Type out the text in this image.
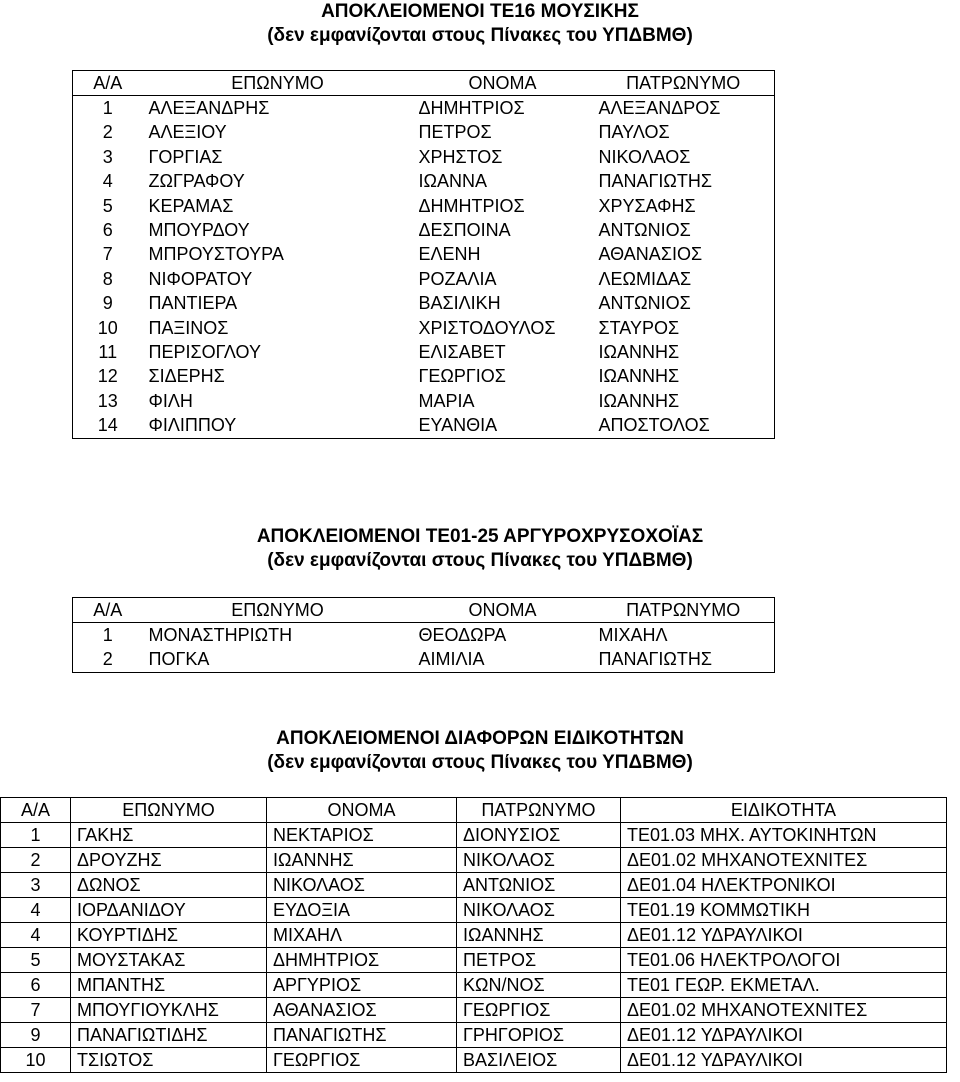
ΑΠΟΚΛΕΙΟΜΕΝΟΙ ΤΕ16 ΜΟΥΣΙΚΗΣ
(δεν εμφανίζονται στους Πίνακες του ΥΠΔΒΜΘ)
Α/Α	ΕΠΩΝΥΜΟ	ΟΝΟΜΑ	ΠΑΤΡΩΝΥΜΟ
1	ΑΛΕΞΑΝΔΡΗΣ	ΔΗΜΗΤΡΙΟΣ	ΑΛΕΞΑΝΔΡΟΣ
2	ΑΛΕΞΙΟΥ	ΠΕΤΡΟΣ	ΠΑΥΛΟΣ
3	ΓΟΡΓΙΑΣ	ΧΡΗΣΤΟΣ	ΝΙΚΟΛΑΟΣ
4	ΖΩΓΡΑΦΟΥ	ΙΩΑΝΝΑ	ΠΑΝΑΓΙΩΤΗΣ
5	ΚΕΡΑΜΑΣ	ΔΗΜΗΤΡΙΟΣ	ΧΡΥΣΑΦΗΣ
6	ΜΠΟΥΡΔΟΥ	ΔΕΣΠΟΙΝΑ	ΑΝΤΩΝΙΟΣ
7	ΜΠΡΟΥΣΤΟΥΡΑ	ΕΛΕΝΗ	ΑΘΑΝΑΣΙΟΣ
8	ΝΙΦΟΡΑΤΟΥ	ΡΟΖΑΛΙΑ	ΛΕΩΜΙΔΑΣ
9	ΠΑΝΤΙΕΡΑ	ΒΑΣΙΛΙΚΗ	ΑΝΤΩΝΙΟΣ
10	ΠΑΞΙΝΟΣ	ΧΡΙΣΤΟΔΟΥΛΟΣ	ΣΤΑΥΡΟΣ
11	ΠΕΡΙΣΟΓΛΟΥ	ΕΛΙΣΑΒΕΤ	ΙΩΑΝΝΗΣ
12	ΣΙΔΕΡΗΣ	ΓΕΩΡΓΙΟΣ	ΙΩΑΝΝΗΣ
13	ΦΙΛΗ	ΜΑΡΙΑ	ΙΩΑΝΝΗΣ
14	ΦΙΛΙΠΠΟΥ	ΕΥΑΝΘΙΑ	ΑΠΟΣΤΟΛΟΣ
ΑΠΟΚΛΕΙΟΜΕΝΟΙ ΤΕ01-25 ΑΡΓΥΡΟΧΡΥΣΟΧΟΪΑΣ
(δεν εμφανίζονται στους Πίνακες του ΥΠΔΒΜΘ)
Α/Α	ΕΠΩΝΥΜΟ	ΟΝΟΜΑ	ΠΑΤΡΩΝΥΜΟ
1	ΜΟΝΑΣΤΗΡΙΩΤΗ	ΘΕΟΔΩΡΑ	ΜΙΧΑΗΛ
2	ΠΟΓΚΑ	ΑΙΜΙΛΙΑ	ΠΑΝΑΓΙΩΤΗΣ
ΑΠΟΚΛΕΙΟΜΕΝΟΙ ΔΙΑΦΟΡΩΝ ΕΙΔΙΚΟΤΗΤΩΝ
(δεν εμφανίζονται στους Πίνακες του ΥΠΔΒΜΘ)
Α/Α	ΕΠΩΝΥΜΟ	ΟΝΟΜΑ	ΠΑΤΡΩΝΥΜΟ	ΕΙΔΙΚΟΤΗΤΑ
1	ΓΑΚΗΣ	ΝΕΚΤΑΡΙΟΣ	ΔΙΟΝΥΣΙΟΣ	ΤΕ01.03 ΜΗΧ. ΑΥΤΟΚΙΝΗΤΩΝ
2	ΔΡΟΥΖΗΣ	ΙΩΑΝΝΗΣ	ΝΙΚΟΛΑΟΣ	ΔΕ01.02 ΜΗΧΑΝΟΤΕΧΝΙΤΕΣ
3	ΔΩΝΟΣ	ΝΙΚΟΛΑΟΣ	ΑΝΤΩΝΙΟΣ	ΔΕ01.04 ΗΛΕΚΤΡΟΝΙΚΟΙ
4	ΙΟΡΔΑΝΙΔΟΥ	ΕΥΔΟΞΙΑ	ΝΙΚΟΛΑΟΣ	ΤΕ01.19 ΚΟΜΜΩΤΙΚΗ
4	ΚΟΥΡΤΙΔΗΣ	ΜΙΧΑΗΛ	ΙΩΑΝΝΗΣ	ΔΕ01.12 ΥΔΡΑΥΛΙΚΟΙ
5	ΜΟΥΣΤΑΚΑΣ	ΔΗΜΗΤΡΙΟΣ	ΠΕΤΡΟΣ	ΤΕ01.06 ΗΛΕΚΤΡΟΛΟΓΟΙ
6	ΜΠΑΝΤΗΣ	ΑΡΓΥΡΙΟΣ	ΚΩΝ/ΝΟΣ	ΤΕ01 ΓΕΩΡ. ΕΚΜΕΤΑΛ.
7	ΜΠΟΥΓΙΟΥΚΛΗΣ	ΑΘΑΝΑΣΙΟΣ	ΓΕΩΡΓΙΟΣ	ΔΕ01.02 ΜΗΧΑΝΟΤΕΧΝΙΤΕΣ
9	ΠΑΝΑΓΙΩΤΙΔΗΣ	ΠΑΝΑΓΙΩΤΗΣ	ΓΡΗΓΟΡΙΟΣ	ΔΕ01.12 ΥΔΡΑΥΛΙΚΟΙ
10	ΤΣΙΩΤΟΣ	ΓΕΩΡΓΙΟΣ	ΒΑΣΙΛΕΙΟΣ	ΔΕ01.12 ΥΔΡΑΥΛΙΚΟΙ
